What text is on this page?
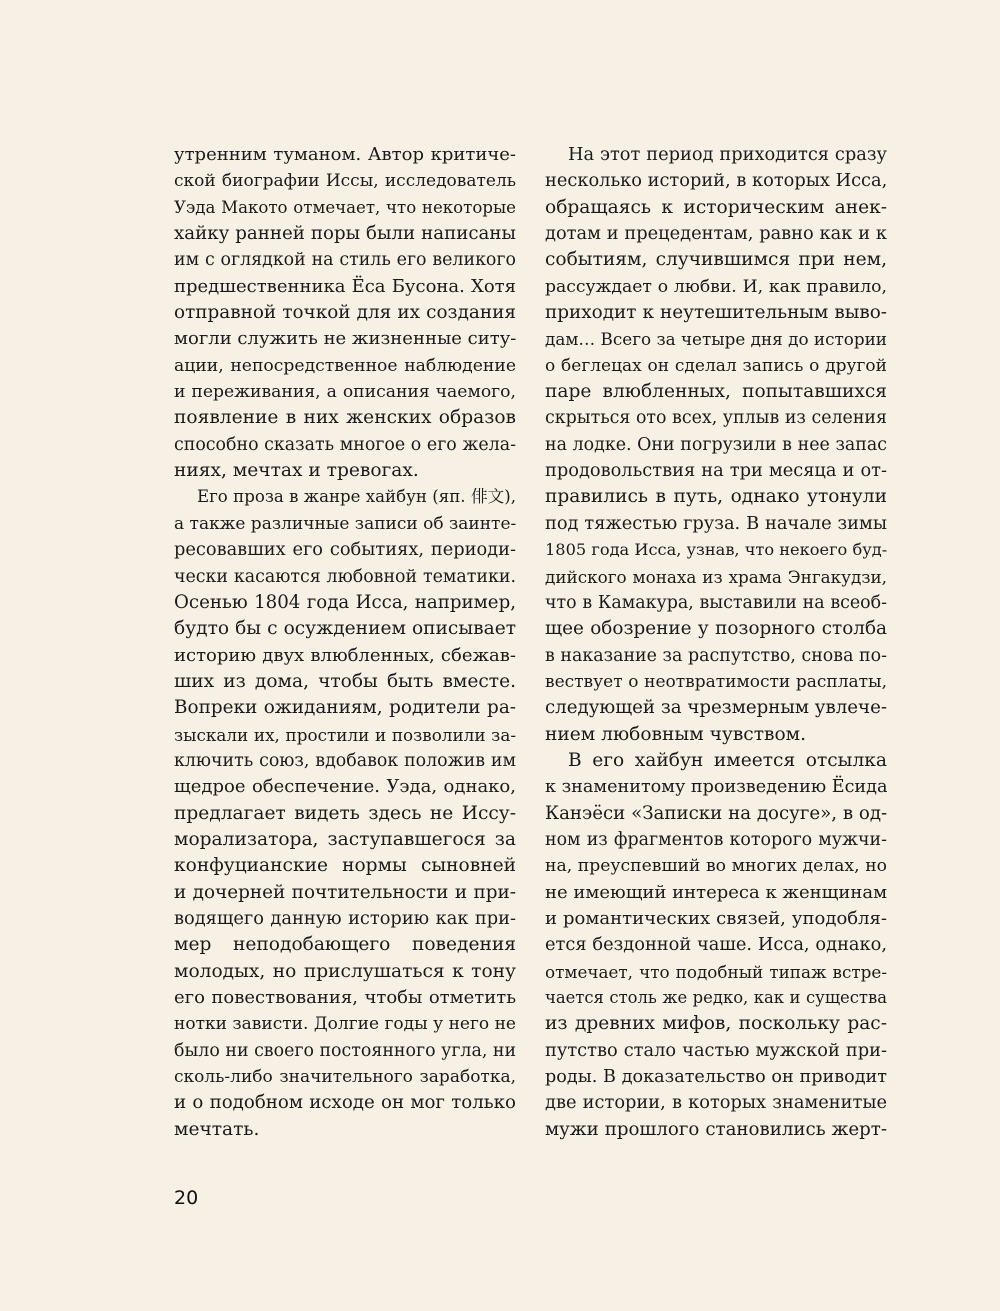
утренним туманом. Автор критиче-
ской биографии Иссы, исследователь
Уэда Макото отмечает, что некоторые
хайку ранней поры были написаны
им с оглядкой на стиль его великого
предшественника Ёса Бусона. Хотя
отправной точкой для их создания
могли служить не жизненные ситу-
ации, непосредственное наблюдение
и переживания, а описания чаемого,
появление в них женских образов
способно сказать многое о его жела-
ниях, мечтах и тревогах.
Его проза в жанре хайбун (яп. 俳文),
а также различные записи об заинте-
ресовавших его событиях, периоди-
чески касаются любовной тематики.
Осенью 1804 года Исса, например,
будто бы с осуждением описывает
историю двух влюбленных, сбежав-
ших из дома, чтобы быть вместе.
Вопреки ожиданиям, родители ра-
зыскали их, простили и позволили за-
ключить союз, вдобавок положив им
щедрое обеспечение. Уэда, однако,
предлагает видеть здесь не Иссу-
морализатора, заступавшегося за
конфуцианские нормы сыновней
и дочерней почтительности и при-
водящего данную историю как при-
мер неподобающего поведения
молодых, но прислушаться к тону
его повествования, чтобы отметить
нотки зависти. Долгие годы у него не
было ни своего постоянного угла, ни
сколь-либо значительного заработка,
и о подобном исходе он мог только
мечтать.
На этот период приходится сразу
несколько историй, в которых Исса,
обращаясь к историческим анек-
дотам и прецедентам, равно как и к
событиям, случившимся при нем,
рассуждает о любви. И, как правило,
приходит к неутешительным выво-
дам… Всего за четыре дня до истории
о беглецах он сделал запись о другой
паре влюбленных, попытавшихся
скрыться ото всех, уплыв из селения
на лодке. Они погрузили в нее запас
продовольствия на три месяца и от-
правились в путь, однако утонули
под тяжестью груза. В начале зимы
1805 года Исса, узнав, что некоего буд-
дийского монаха из храма Энгакудзи,
что в Камакура, выставили на всеоб-
щее обозрение у позорного столба
в наказание за распутство, снова по-
вествует о неотвратимости расплаты,
следующей за чрезмерным увлече-
нием любовным чувством.
В его хайбун имеется отсылка
к знаменитому произведению Ёсида
Канэёси «Записки на досуге», в од-
ном из фрагментов которого мужчи-
на, преуспевший во многих делах, но
не имеющий интереса к женщинам
и романтических связей, уподобля-
ется бездонной чаше. Исса, однако,
отмечает, что подобный типаж встре-
чается столь же редко, как и существа
из древних мифов, поскольку рас-
путство стало частью мужской при-
роды. В доказательство он приводит
две истории, в которых знаменитые
мужи прошлого становились жерт-
20
